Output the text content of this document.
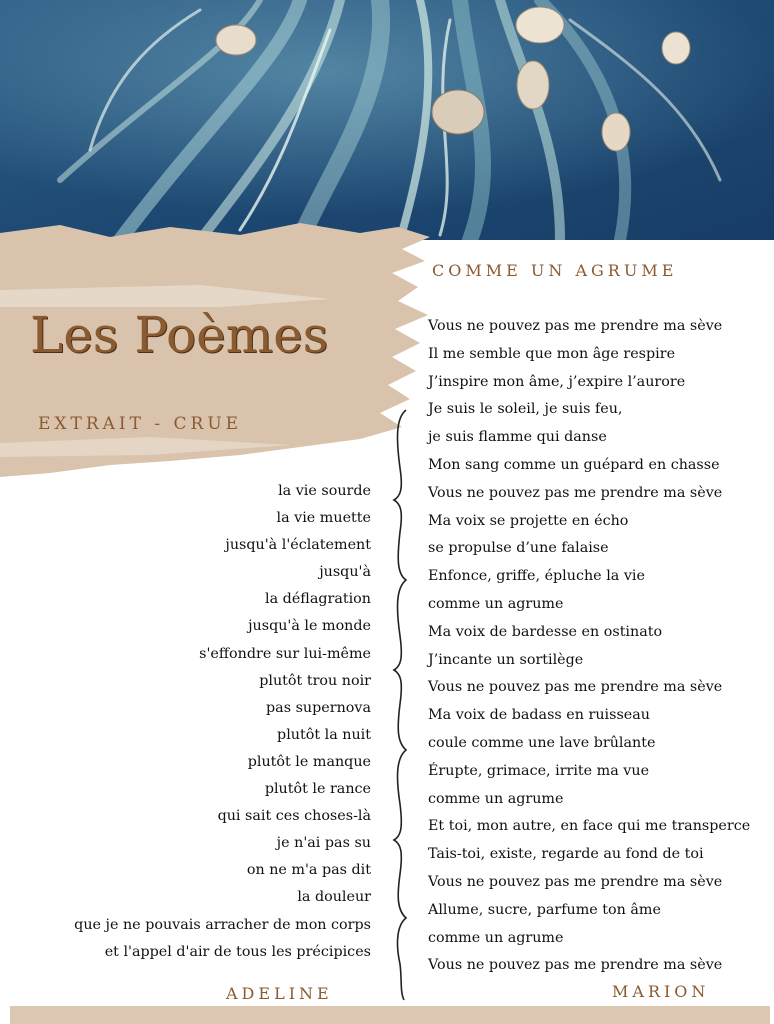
Les Poèmes
EXTRAIT - CRUE
COMME UN AGRUME
la vie sourde
la vie muette
jusqu'à l'éclatement
jusqu'à
la déflagration
jusqu'à le monde
s'effondre sur lui-même
plutôt trou noir
pas supernova
plutôt la nuit
plutôt le manque
plutôt le rance
qui sait ces choses-là
je n'ai pas su
on ne m'a pas dit
la douleur
que je ne pouvais arracher de mon corps
et l'appel d'air de tous les précipices
Vous ne pouvez pas me prendre ma sève
Il me semble que mon âge respire
J’inspire mon âme, j’expire l’aurore
Je suis le soleil, je suis feu,
je suis flamme qui danse
Mon sang comme un guépard en chasse
Vous ne pouvez pas me prendre ma sève
Ma voix se projette en écho
se propulse d’une falaise
Enfonce, griffe, épluche la vie
comme un agrume
Ma voix de bardesse en ostinato
J’incante un sortilège
Vous ne pouvez pas me prendre ma sève
Ma voix de badass en ruisseau
coule comme une lave brûlante
Érupte, grimace, irrite ma vue
comme un agrume
Et toi, mon autre, en face qui me transperce
Tais-toi, existe, regarde au fond de toi
Vous ne pouvez pas me prendre ma sève
Allume, sucre, parfume ton âme
comme un agrume
Vous ne pouvez pas me prendre ma sève
ADELINE	MARION
